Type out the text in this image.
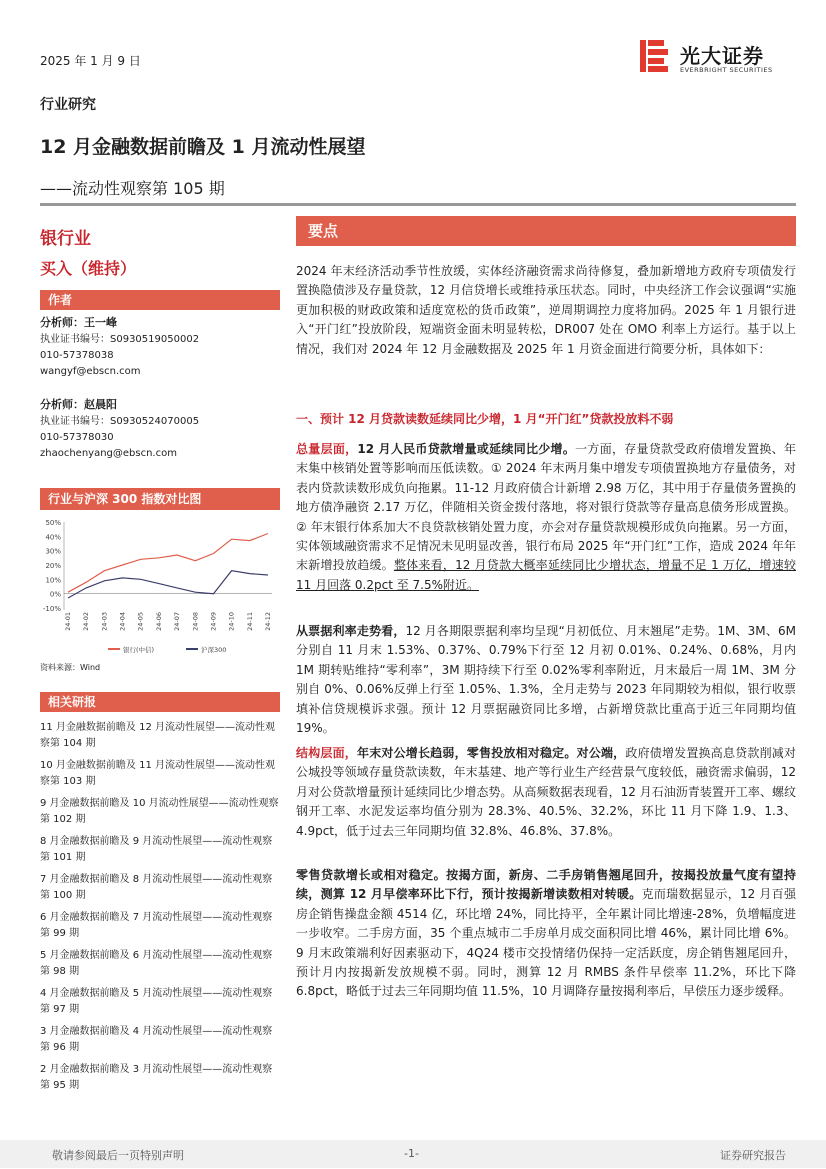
2025 年 1 月 9 日	光大证券
EVERBRIGHT SECURITIES
行业研究
12 月金融数据前瞻及 1 月流动性展望
——流动性观察第 105 期
银行业
买入（维持）
作者
分析师：王一峰
执业证书编号：S0930519050002
010-57378038
wangyf@ebscn.com
分析师：赵晨阳
执业证书编号：S0930524070005
010-57378030
zhaochenyang@ebscn.com
行业与沪深 300 指数对比图
50%
40%
30%
20%
10%
0%
-10%
24-01 24-02 24-03 24-04 24-05 24-06 24-07 24-08 24-09 24-10 24-11 24-12
银行(中信)	沪深300
资料来源：Wind
相关研报
11 月金融数据前瞻及 12 月流动性展望——流动性观察第 104 期
10 月金融数据前瞻及 11 月流动性展望——流动性观察第 103 期
9 月金融数据前瞻及 10 月流动性展望——流动性观察第 102 期
8 月金融数据前瞻及 9 月流动性展望——流动性观察第 101 期
7 月金融数据前瞻及 8 月流动性展望——流动性观察第 100 期
6 月金融数据前瞻及 7 月流动性展望——流动性观察第 99 期
5 月金融数据前瞻及 6 月流动性展望——流动性观察第 98 期
4 月金融数据前瞻及 5 月流动性展望——流动性观察第 97 期
3 月金融数据前瞻及 4 月流动性展望——流动性观察第 96 期
2 月金融数据前瞻及 3 月流动性展望——流动性观察第 95 期
要点
2024 年末经济活动季节性放缓，实体经济融资需求尚待修复，叠加新增地方政府专项债发行置换隐债涉及存量贷款，12 月信贷增长或维持承压状态。同时，中央经济工作会议强调“实施更加积极的财政政策和适度宽松的货币政策”，逆周期调控力度将加码。2025 年 1 月银行进入“开门红”投放阶段，短端资金面未明显转松，DR007 处在 OMO 利率上方运行。基于以上情况，我们对 2024 年 12 月金融数据及 2025 年 1 月资金面进行简要分析，具体如下：
一、预计 12 月贷款读数延续同比少增，1 月“开门红”贷款投放料不弱
总量层面，12 月人民币贷款增量或延续同比少增。一方面，存量贷款受政府债增发置换、年末集中核销处置等影响而压低读数。① 2024 年末两月集中增发专项债置换地方存量债务，对表内贷款读数形成负向拖累。11-12 月政府债合计新增 2.98 万亿，其中用于存量债务置换的地方债净融资 2.17 万亿，伴随相关资金拨付落地，将对银行贷款等存量高息债务形成置换。② 年末银行体系加大不良贷款核销处置力度，亦会对存量贷款规模形成负向拖累。另一方面，实体领域融资需求不足情况未见明显改善，银行布局 2025 年“开门红”工作，造成 2024 年年末新增投放趋缓。整体来看，12 月贷款大概率延续同比少增状态，增量不足 1 万亿，增速较 11 月回落 0.2pct 至 7.5%附近。
从票据利率走势看，12 月各期限票据利率均呈现“月初低位、月末翘尾”走势。1M、3M、6M 分别自 11 月末 1.53%、0.37%、0.79%下行至 12 月初 0.01%、0.24%、0.68%，月内 1M 期转贴维持“零利率”，3M 期持续下行至 0.02%零利率附近，月末最后一周 1M、3M 分别自 0%、0.06%反弹上行至 1.05%、1.3%，全月走势与 2023 年同期较为相似，银行收票填补信贷规模诉求强。预计 12 月票据融资同比多增，占新增贷款比重高于近三年同期均值 19%。
结构层面，年末对公增长趋弱，零售投放相对稳定。对公端，政府债增发置换高息贷款削减对公城投等领域存量贷款读数，年末基建、地产等行业生产经营景气度较低，融资需求偏弱，12 月对公贷款增量预计延续同比少增态势。从高频数据表现看，12 月石油沥青装置开工率、螺纹钢开工率、水泥发运率均值分别为 28.3%、40.5%、32.2%，环比 11 月下降 1.9、1.3、4.9pct，低于过去三年同期均值 32.8%、46.8%、37.8%。
零售贷款增长或相对稳定。按揭方面，新房、二手房销售翘尾回升，按揭投放量气度有望持续，测算 12 月早偿率环比下行，预计按揭新增读数相对转暖。克而瑞数据显示，12 月百强房企销售操盘金额 4514 亿，环比增 24%，同比持平，全年累计同比增速-28%，负增幅度进一步收窄。二手房方面，35 个重点城市二手房单月成交面积同比增 46%，累计同比增 6%。9 月末政策端利好因素驱动下，4Q24 楼市交投情绪仍保持一定活跃度，房企销售翘尾回升，预计月内按揭新发放规模不弱。同时，测算 12 月 RMBS 条件早偿率 11.2%，环比下降 6.8pct，略低于过去三年同期均值 11.5%，10 月调降存量按揭利率后，早偿压力逐步缓释。
敬请参阅最后一页特别声明	-1-	证券研究报告
